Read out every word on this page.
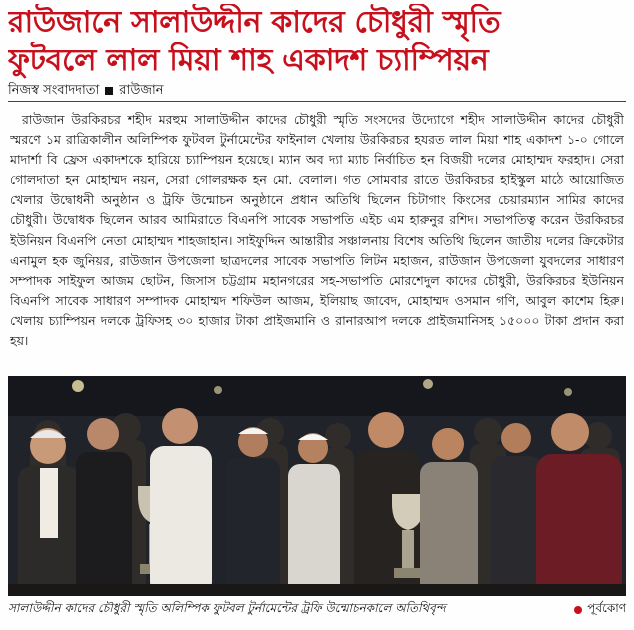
রাউজানে সালাউদ্দীন কাদের চৌধুরী স্মৃতি
ফুটবলে লাল মিয়া শাহ একাদশ চ্যাম্পিয়ন
নিজস্ব সংবাদদাতা রাউজান

রাউজান উরকিরচর শহীদ মরহুম সালাউদ্দীন কাদের চৌধুরী স্মৃতি সংসদের উদ্যোগে শহীদ সালাউদ্দীন কাদের চৌধুরী স্মরণে ১ম রাত্রিকালীন অলিম্পিক ফুটবল টুর্নামেন্টের ফাইনাল খেলায় উরকিরচর হযরত লাল মিয়া শাহ একাদশ ১-০ গোলে মাদার্শা বি ফ্রেস একাদশকে হারিয়ে চ্যাম্পিয়ন হয়েছে। ম্যান অব দ্যা ম্যাচ নির্বাচিত হন বিজয়ী দলের মোহাম্মদ ফরহাদ। সেরা গোলদাতা হন মোহাম্মদ নয়ন, সেরা গোলরক্ষক হন মো. বেলাল। গত সোমবার রাতে উরকিরচর হাইস্কুল মাঠে আয়োজিত খেলার উদ্বোধনী অনুষ্ঠান ও ট্রফি উন্মোচন অনুষ্ঠানে প্রধান অতিথি ছিলেন চিটাগাং কিংসের চেয়ারম্যান সামির কাদের চৌধুরী। উদ্বোধক ছিলেন আরব আমিরাতে বিএনপি সাবেক সভাপতি এইচ এম হারুনুর রশিদ। সভাপতিত্ব করেন উরকিরচর ইউনিয়ন বিএনপি নেতা মোহাম্মদ শাহজাহান। সাইফুদ্দিন আন্তারীর সঞ্চালনায় বিশেষ অতিথি ছিলেন জাতীয় দলের ক্রিকেটার এনামুল হক জুনিয়র, রাউজান উপজেলা ছাত্রদলের সাবেক সভাপতি লিটন মহাজন, রাউজান উপজেলা যুবদলের সাধারণ সম্পাদক সাইফুল আজম ছোটন, জিসাস চট্টগ্রাম মহানগরের সহ-সভাপতি মোরশেদুল কাদের চৌধুরী, উরকিরচর ইউনিয়ন বিএনপি সাবেক সাধারণ সম্পাদক মোহাম্মদ শফিউল আজম, ইলিয়াছ জাবেদ, মোহাম্মদ ওসমান গণি, আবুল কাশেম হিরু। খেলায় চ্যাম্পিয়ন দলকে ট্রফিসহ ৩০ হাজার টাকা প্রাইজমানি ও রানারআপ দলকে প্রাইজমানিসহ ১৫০০০ টাকা প্রদান করা হয়।

সালাউদ্দীন কাদের চৌধুরী স্মৃতি অলিম্পিক ফুটবল টুর্নামেন্টের ট্রফি উন্মোচনকালে অতিথিবৃন্দ	পূর্বকোণ
